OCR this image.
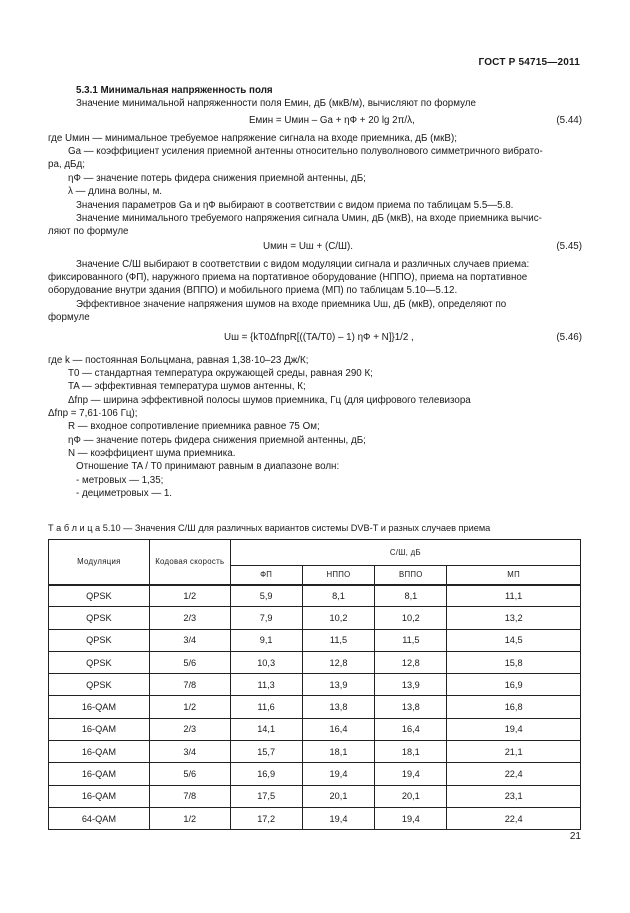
ГОСТ Р 54715—2011
5.3.1 Минимальная напряженность поля
Значение минимальной напряженности поля Eмин, дБ (мкВ/м), вычисляют по формуле
Eмин = Uмин – Gа + ηФ + 20 lg 2π/λ,	(5.44)
где Uмин — минимальное требуемое напряжение сигнала на входе приемника, дБ (мкВ);
Gа — коэффициент усиления приемной антенны относительно полуволнового симметричного вибрато-
ра, дБд;
ηФ — значение потерь фидера снижения приемной антенны, дБ;
λ — длина волны, м.
Значения параметров Gа и ηФ выбирают в соответствии с видом приема по таблицам 5.5—5.8.
Значение минимального требуемого напряжения сигнала Uмин, дБ (мкВ), на входе приемника вычис-
ляют по формуле
Uмин = Uш + (С/Ш).	(5.45)
Значение С/Ш выбирают в соответствии с видом модуляции сигнала и различных случаев приема:
фиксированного (ФП), наружного приема на портативное оборудование (НППО), приема на портативное
оборудование внутри здания (ВППО) и мобильного приема (МП) по таблицам 5.10—5.12.
Эффективное значение напряжения шумов на входе приемника Uш, дБ (мкВ), определяют по
формуле
Uш = {kT0ΔfпрR[((TA/T0) – 1) ηФ + N]}1/2 ,	(5.46)
где k — постоянная Больцмана, равная 1,38·10–23 Дж/К;
T0 — стандартная температура окружающей среды, равная 290 К;
TA — эффективная температура шумов антенны, К;
Δfпр — ширина эффективной полосы шумов приемника, Гц (для цифрового телевизора
Δfпр = 7,61·106 Гц);
R — входное сопротивление приемника равное 75 Ом;
ηФ — значение потерь фидера снижения приемной антенны, дБ;
N — коэффициент шума приемника.
Отношение TA / T0 принимают равным в диапазоне волн:
- метровых — 1,35;
- дециметровых — 1.
Т а б л и ц а 5.10 — Значения С/Ш для различных вариантов системы DVB-T и разных случаев приема
Модуляция	Кодовая скорость	С/Ш, дБ			
		ФП	НППО	ВППО	МП
QPSK	1/2	5,9	8,1	8,1	11,1
QPSK	2/3	7,9	10,2	10,2	13,2
QPSK	3/4	9,1	11,5	11,5	14,5
QPSK	5/6	10,3	12,8	12,8	15,8
QPSK	7/8	11,3	13,9	13,9	16,9
16-QAM	1/2	11,6	13,8	13,8	16,8
16-QAM	2/3	14,1	16,4	16,4	19,4
16-QAM	3/4	15,7	18,1	18,1	21,1
16-QAM	5/6	16,9	19,4	19,4	22,4
16-QAM	7/8	17,5	20,1	20,1	23,1
64-QAM	1/2	17,2	19,4	19,4	22,4
21
